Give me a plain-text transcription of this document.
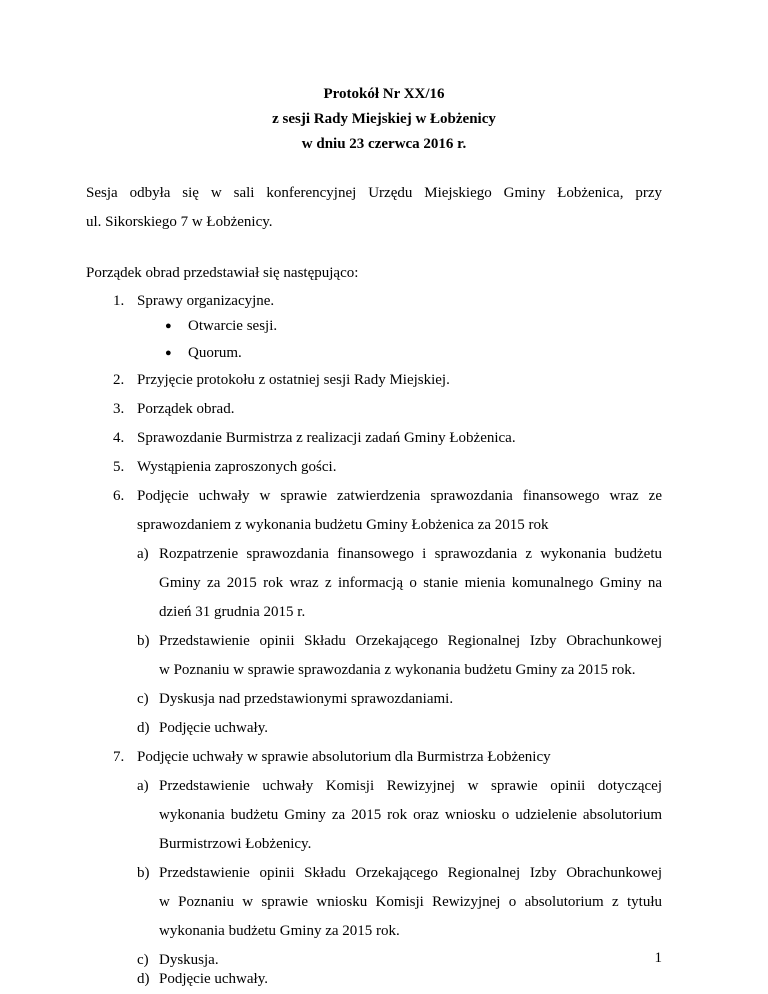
Protokół Nr XX/16
z sesji Rady Miejskiej w Łobżenicy
w dniu 23 czerwca 2016 r.
Sesja odbyła się w sali konferencyjnej Urzędu Miejskiego Gminy Łobżenica, przy
ul. Sikorskiego 7 w Łobżenicy.
Porządek obrad przedstawiał się następująco:
1. Sprawy organizacyjne.
● Otwarcie sesji.
● Quorum.
2. Przyjęcie protokołu z ostatniej sesji Rady Miejskiej.
3. Porządek obrad.
4. Sprawozdanie Burmistrza z realizacji zadań Gminy Łobżenica.
5. Wystąpienia zaproszonych gości.
6. Podjęcie uchwały w sprawie zatwierdzenia sprawozdania finansowego wraz ze
sprawozdaniem z wykonania budżetu Gminy Łobżenica za 2015 rok
a) Rozpatrzenie sprawozdania finansowego i sprawozdania z wykonania budżetu
Gminy za 2015 rok wraz z informacją o stanie mienia komunalnego Gminy na
dzień 31 grudnia 2015 r.
b) Przedstawienie opinii Składu Orzekającego Regionalnej Izby Obrachunkowej
w Poznaniu w sprawie sprawozdania z wykonania budżetu Gminy za 2015 rok.
c) Dyskusja nad przedstawionymi sprawozdaniami.
d) Podjęcie uchwały.
7. Podjęcie uchwały w sprawie absolutorium dla Burmistrza Łobżenicy
a) Przedstawienie uchwały Komisji Rewizyjnej w sprawie opinii dotyczącej
wykonania budżetu Gminy za 2015 rok oraz wniosku o udzielenie absolutorium
Burmistrzowi Łobżenicy.
b) Przedstawienie opinii Składu Orzekającego Regionalnej Izby Obrachunkowej
w Poznaniu w sprawie wniosku Komisji Rewizyjnej o absolutorium z tytułu
wykonania budżetu Gminy za 2015 rok.
c) Dyskusja.
d) Podjęcie uchwały.
1
